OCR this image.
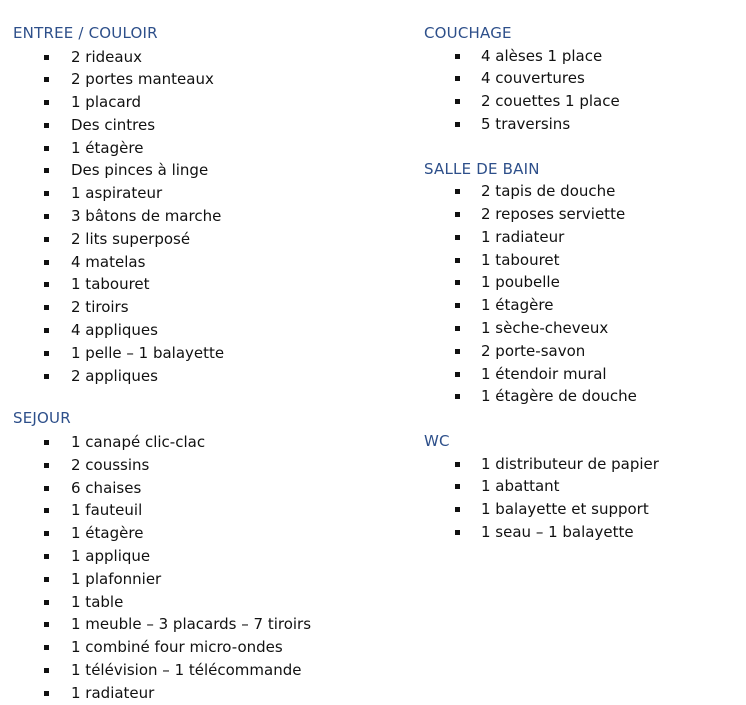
ENTREE / COULOIR
2 rideaux
2 portes manteaux
1 placard
Des cintres
1 étagère
Des pinces à linge
1 aspirateur
3 bâtons de marche
2 lits superposé
4 matelas
1 tabouret
2 tiroirs
4 appliques
1 pelle – 1 balayette
2 appliques
SEJOUR
1 canapé clic-clac
2 coussins
6 chaises
1 fauteuil
1 étagère
1 applique
1 plafonnier
1 table
1 meuble – 3 placards – 7 tiroirs
1 combiné four micro-ondes
1 télévision – 1 télécommande
1 radiateur
COUCHAGE
4 alèses 1 place
4 couvertures
2 couettes 1 place
5 traversins
SALLE DE BAIN
2 tapis de douche
2 reposes serviette
1 radiateur
1 tabouret
1 poubelle
1 étagère
1 sèche-cheveux
2 porte-savon
1 étendoir mural
1 étagère de douche
WC
1 distributeur de papier
1 abattant
1 balayette et support
1 seau – 1 balayette
